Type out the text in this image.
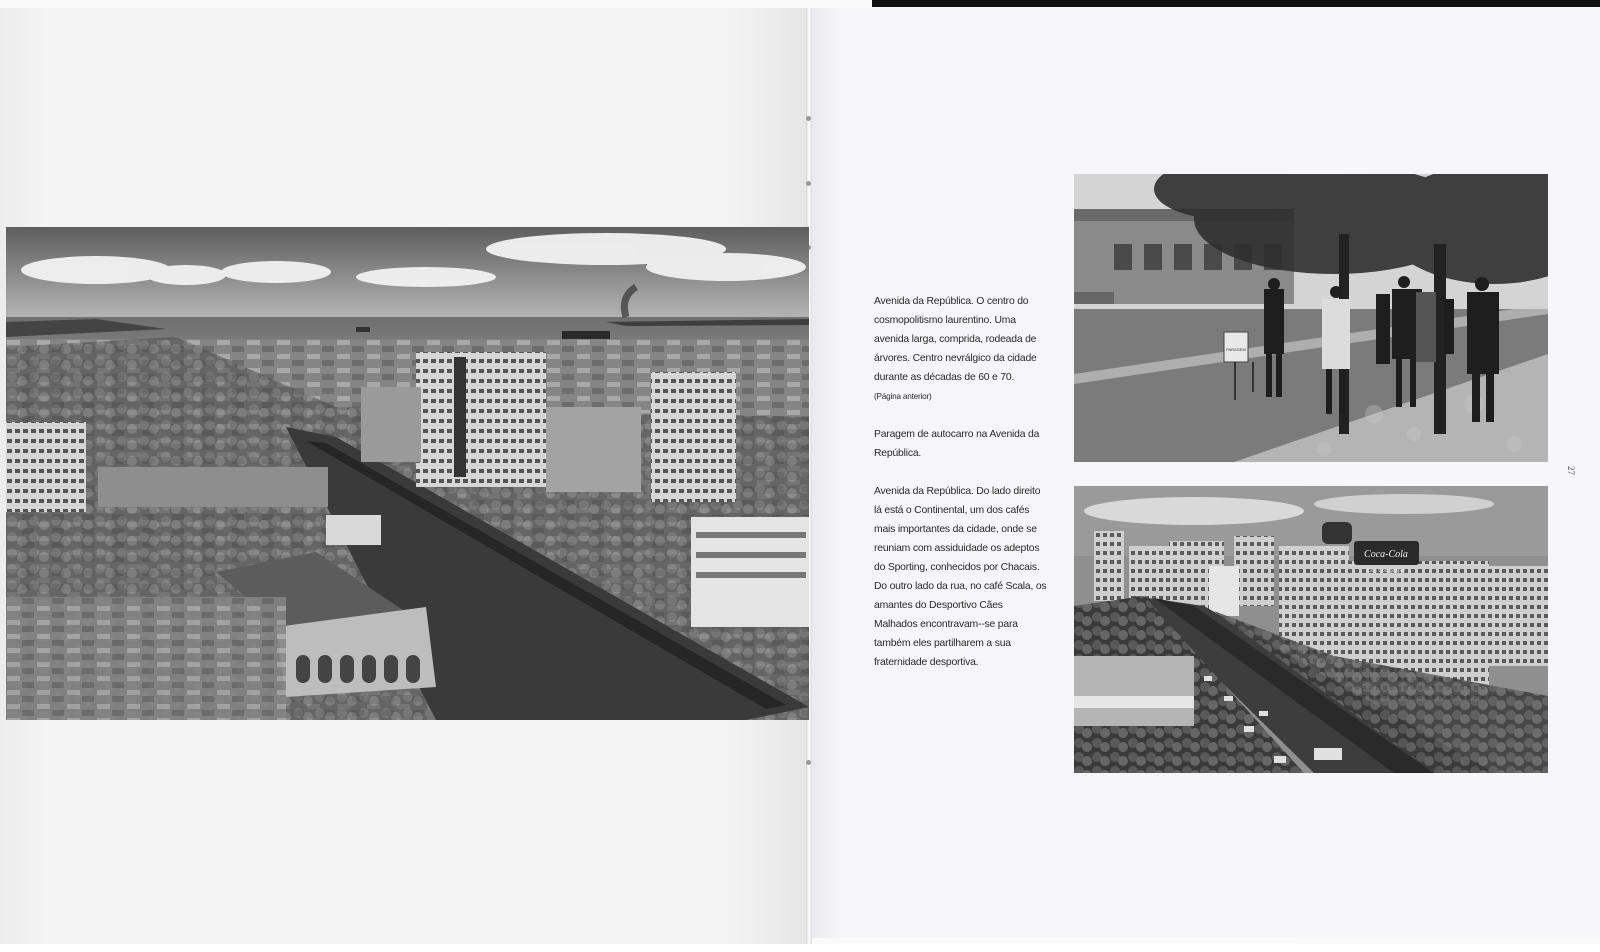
Avenida da República. O centro do cosmopolitismo laurentino. Uma avenida larga, comprida, rodeada de árvores. Centro nevrálgico da cidade durante as décadas de 60 e 70.

(Página anterior)

Paragem de autocarro na Avenida da República.

Avenida da República. Do lado direito lá está o Continental, um dos cafés mais importantes da cidade, onde se reuniam com assiduidade os adeptos do Sporting, conhecidos por Chacais. Do outro lado da rua, no café Scala, os amantes do Desportivo Cães Malhados encontravam--se para também eles partilharem a sua fraternidade desportiva.

PARAGEM
Coca-Cola
Cica Cola gaspar
27
